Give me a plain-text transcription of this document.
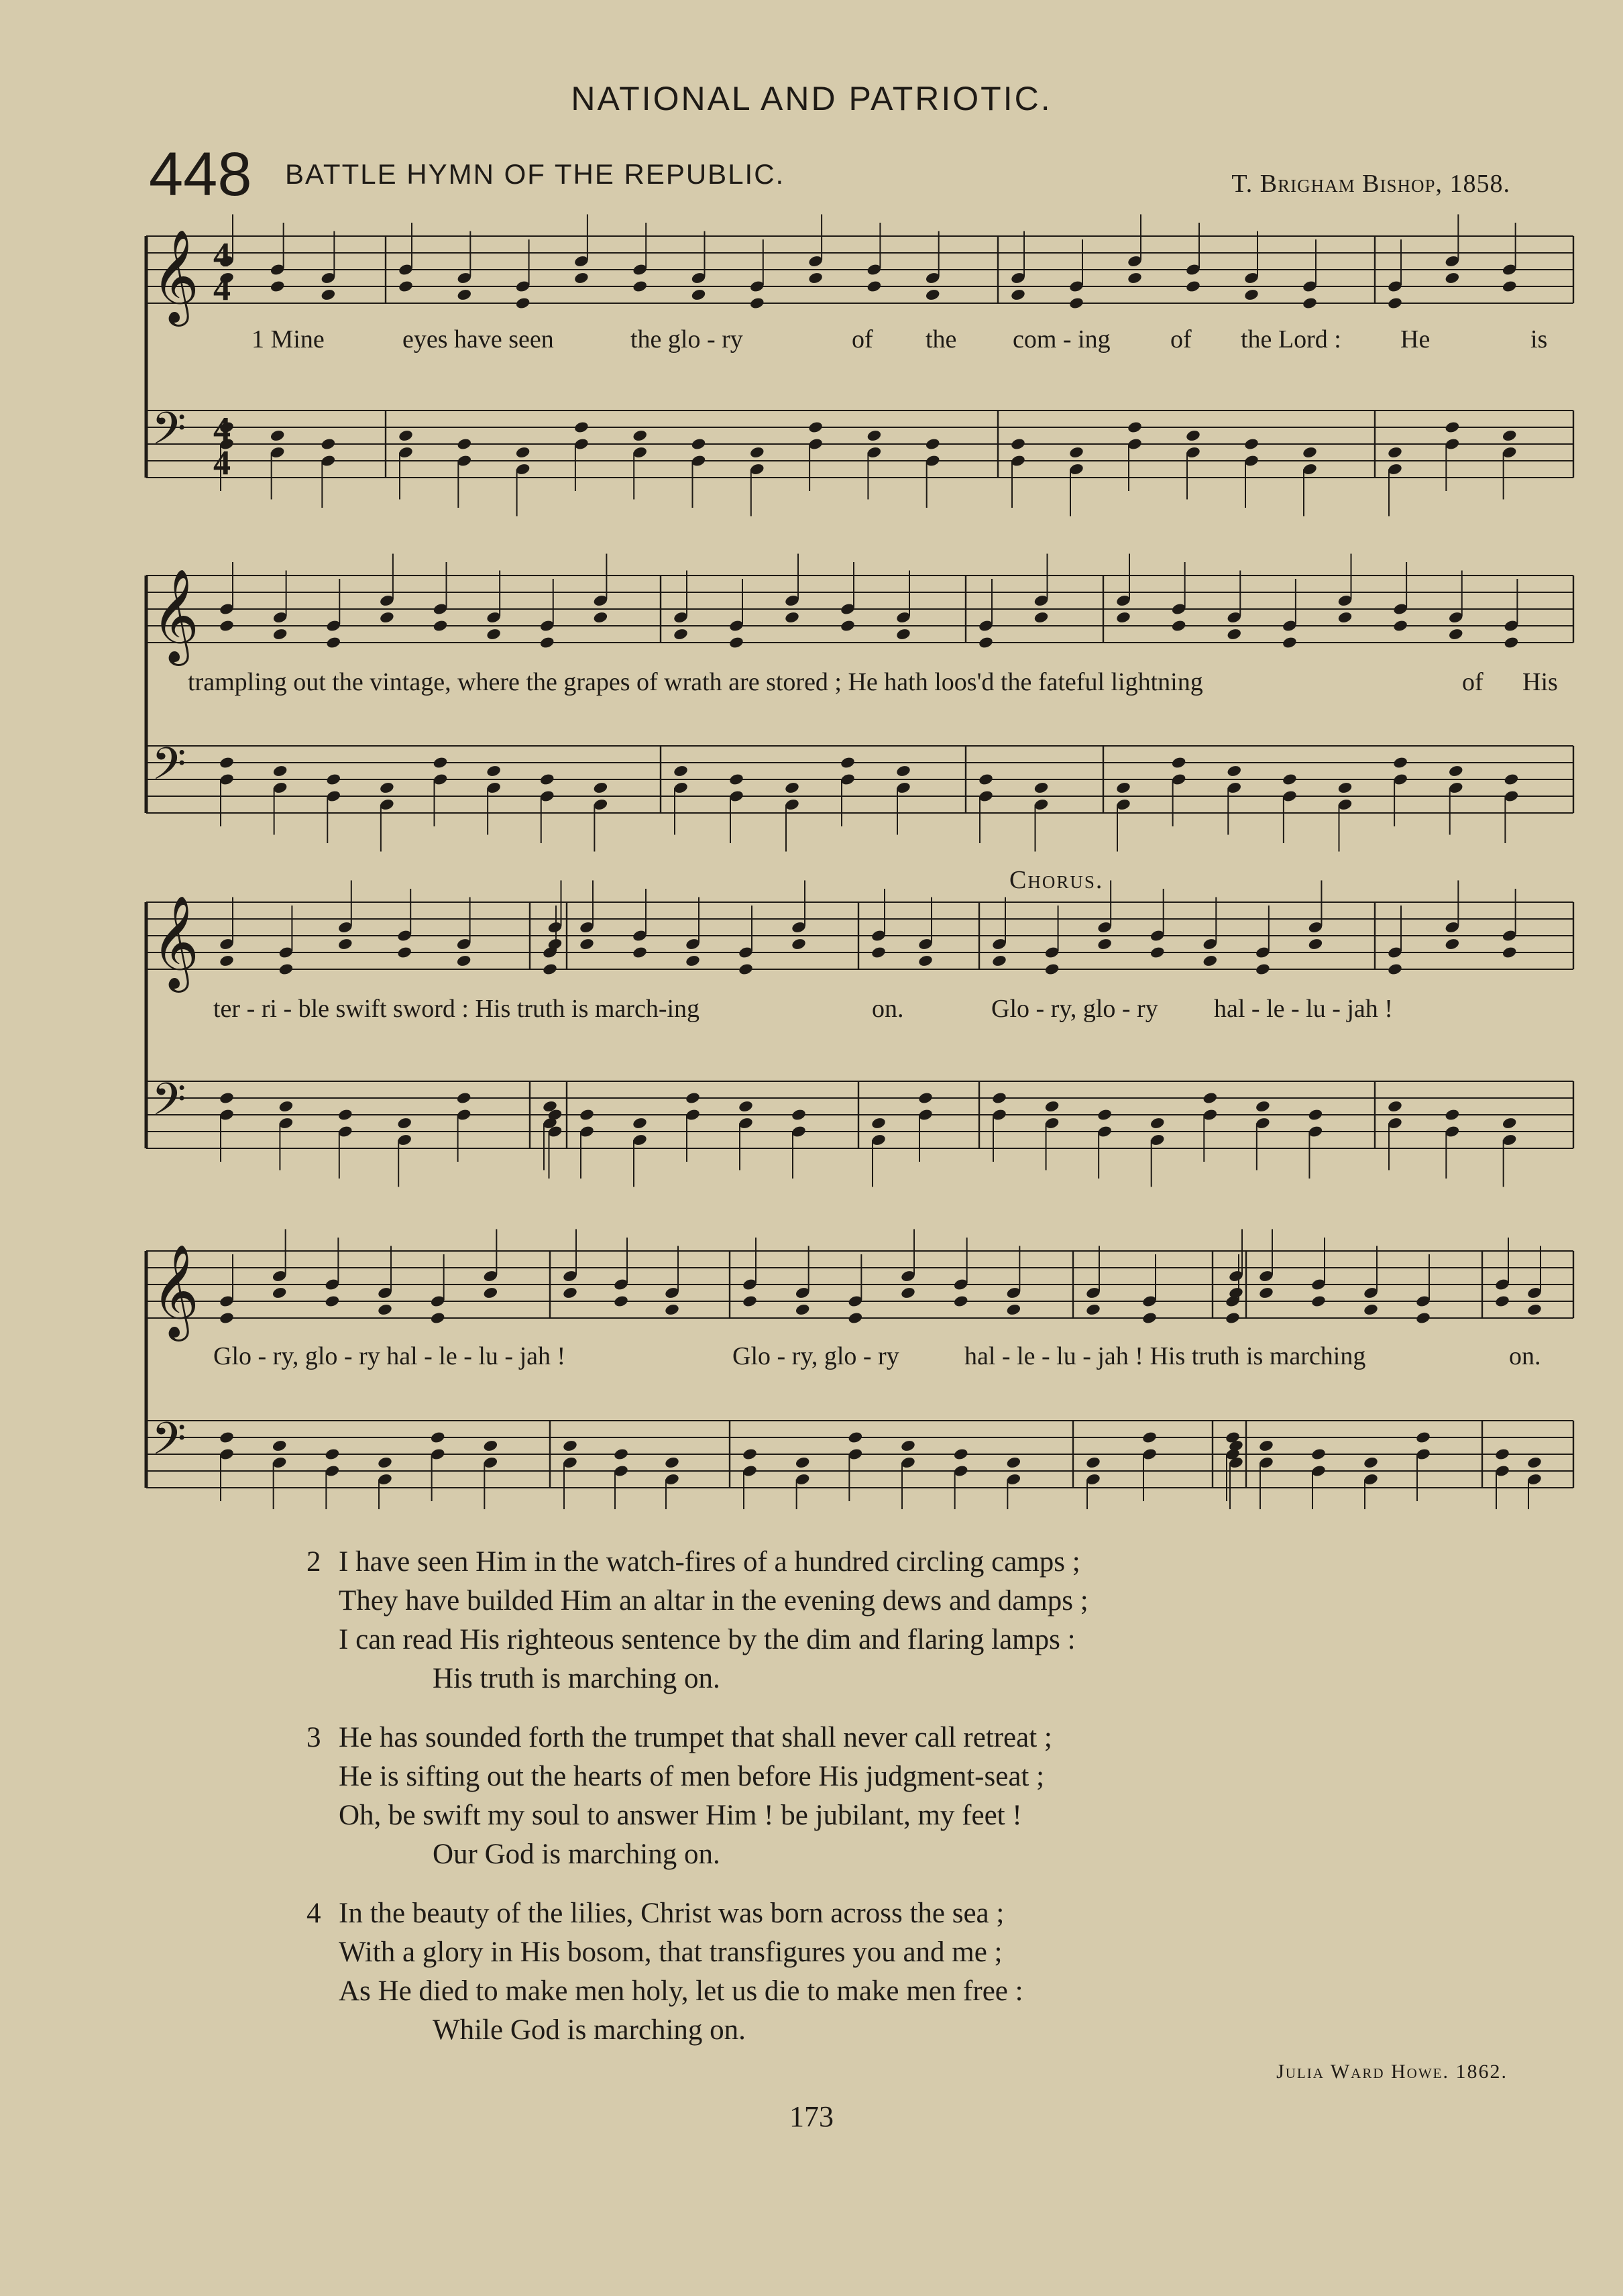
NATIONAL AND PATRIOTIC.
448 BATTLE HYMN OF THE REPUBLIC.	T. Brigham Bishop, 1858.
𝄞
𝄢
𝄞
𝄢
𝄞
𝄢
𝄞
𝄢
4
4
4
4
Chorus.
1 Mine	eyes have seen	the glo - ry	of the com - ing of the Lord : He	is
trampling out the vintage, where the grapes of wrath are stored ; He hath loos'd the fateful lightning	of His
ter - ri - ble swift sword : His truth is march-ing	on.	Glo - ry, glo - ry hal - le - lu - jah !
Glo - ry, glo - ry hal - le - lu - jah !	Glo - ry, glo - ry	hal - le - lu - jah ! His truth is marching	on.
2 I have seen Him in the watch-fires of a hundred circling camps ;
They have builded Him an altar in the evening dews and damps ;
I can read His righteous sentence by the dim and flaring lamps :
His truth is marching on.
3 He has sounded forth the trumpet that shall never call retreat ;
He is sifting out the hearts of men before His judgment-seat ;
Oh, be swift my soul to answer Him ! be jubilant, my feet !
Our God is marching on.
4 In the beauty of the lilies, Christ was born across the sea ;
With a glory in His bosom, that transfigures you and me ;
As He died to make men holy, let us die to make men free :
While God is marching on.
Julia Ward Howe. 1862.
173
